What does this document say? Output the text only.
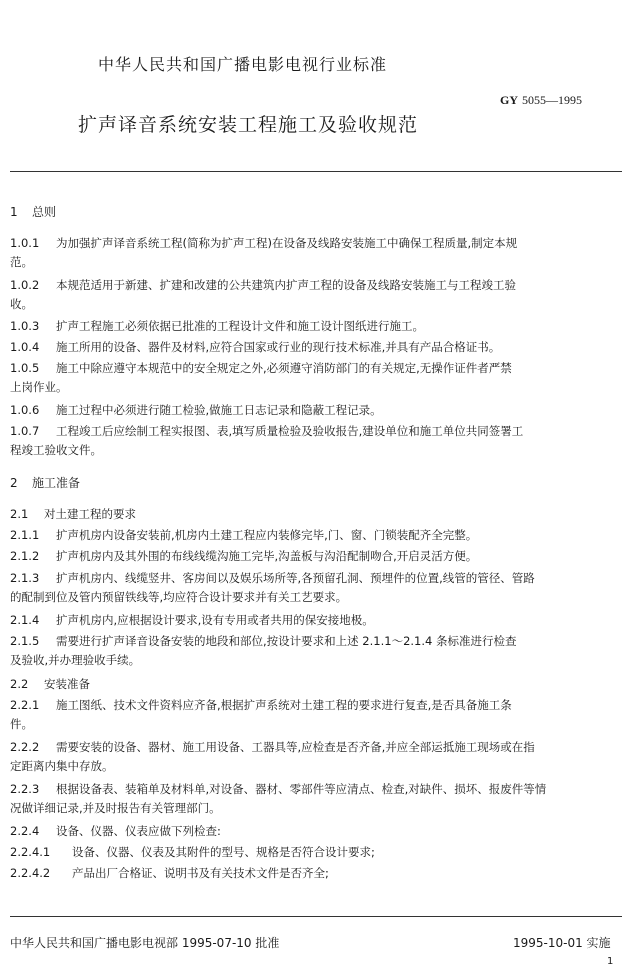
中华人民共和国广播电影电视行业标准
GY 5055—1995
扩声译音系统安装工程施工及验收规范
1 总则
1.0.1 为加强扩声译音系统工程(简称为扩声工程)在设备及线路安装施工中确保工程质量,制定本规
范。
1.0.2 本规范适用于新建、扩建和改建的公共建筑内扩声工程的设备及线路安装施工与工程竣工验
收。
1.0.3 扩声工程施工必须依据已批准的工程设计文件和施工设计图纸进行施工。
1.0.4 施工所用的设备、器件及材料,应符合国家或行业的现行技术标准,并具有产品合格证书。
1.0.5 施工中除应遵守本规范中的安全规定之外,必须遵守消防部门的有关规定,无操作证件者严禁
上岗作业。
1.0.6 施工过程中必须进行随工检验,做施工日志记录和隐蔽工程记录。
1.0.7 工程竣工后应绘制工程实报图、表,填写质量检验及验收报告,建设单位和施工单位共同签署工
程竣工验收文件。
2 施工准备
2.1 对土建工程的要求
2.1.1 扩声机房内设备安装前,机房内土建工程应内装修完毕,门、窗、门锁装配齐全完整。
2.1.2 扩声机房内及其外围的布线线缆沟施工完毕,沟盖板与沟沿配制吻合,开启灵活方便。
2.1.3 扩声机房内、线缆竖井、客房间以及娱乐场所等,各预留孔洞、预埋件的位置,线管的管径、管路
的配制到位及管内预留铁线等,均应符合设计要求并有关工艺要求。
2.1.4 扩声机房内,应根据设计要求,设有专用或者共用的保安接地极。
2.1.5 需要进行扩声译音设备安装的地段和部位,按设计要求和上述 2.1.1～2.1.4 条标准进行检查
及验收,并办理验收手续。
2.2 安装准备
2.2.1 施工图纸、技术文件资料应齐备,根据扩声系统对土建工程的要求进行复查,是否具备施工条
件。
2.2.2 需要安装的设备、器材、施工用设备、工器具等,应检查是否齐备,并应全部运抵施工现场或在指
定距离内集中存放。
2.2.3 根据设备表、装箱单及材料单,对设备、器材、零部件等应清点、检查,对缺件、损坏、报废件等情
况做详细记录,并及时报告有关管理部门。
2.2.4 设备、仪器、仪表应做下列检查:
2.2.4.1 设备、仪器、仪表及其附件的型号、规格是否符合设计要求;
2.2.4.2 产品出厂合格证、说明书及有关技术文件是否齐全;
中华人民共和国广播电影电视部 1995-07-10 批准	1995-10-01 实施
1
